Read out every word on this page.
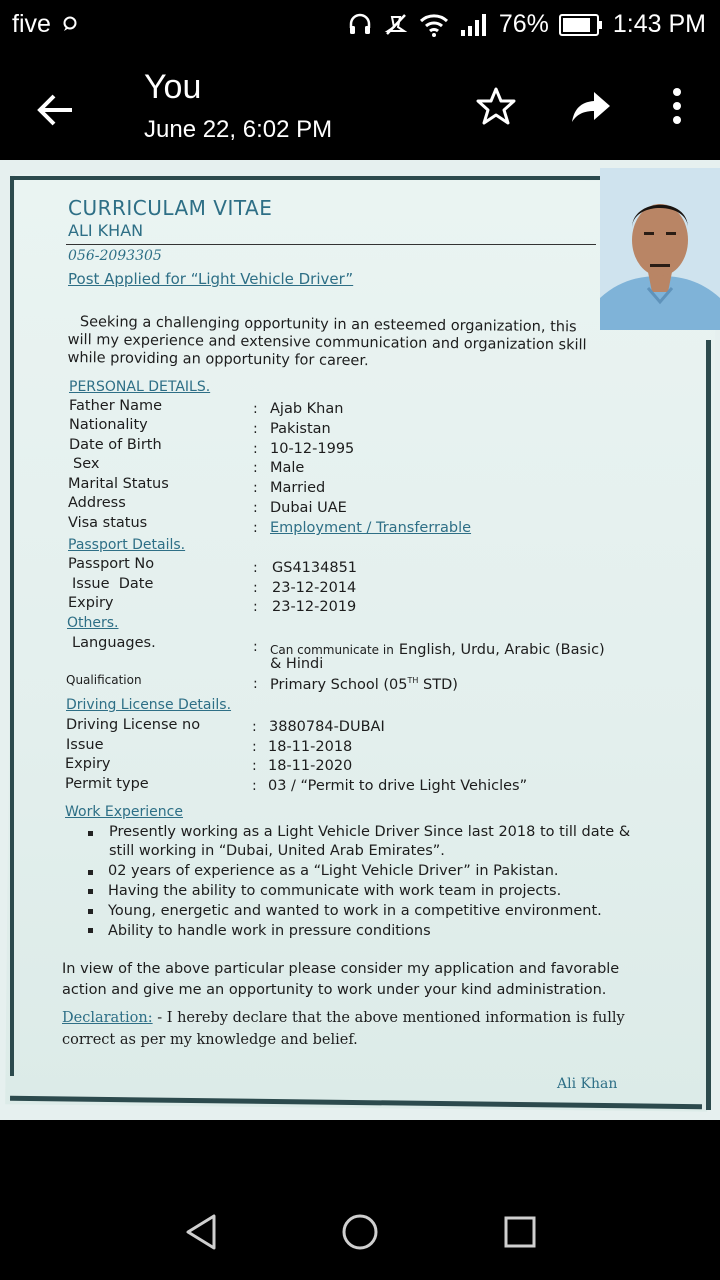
five	76%	1:43 PM
You
June 22, 6:02 PM
CURRICULAM VITAE
ALI KHAN
056-2093305
Post Applied for “Light Vehicle Driver”
Seeking a challenging opportunity in an esteemed organization, this will my experience and extensive communication and organization skill while providing an opportunity for career.
PERSONAL DETAILS.
Father Name	: Ajab Khan
Nationality	: Pakistan
Date of Birth	: 10-12-1995
Sex	: Male
Marital Status	: Married
Address	: Dubai UAE
Visa status	: Employment / Transferrable
Passport Details.
Passport No	: GS4134851
Issue  Date	: 23-12-2014
Expiry	: 23-12-2019
Others.
Languages.	: Can communicate in English, Urdu, Arabic (Basic)
& Hindi
Qualification	: Primary School (05TH STD)
Driving License Details.
Driving License no	: 3880784-DUBAI
Issue	: 18-11-2018
Expiry	: 18-11-2020
Permit type	: 03 / “Permit to drive Light Vehicles”
Work Experience
Presently working as a Light Vehicle Driver Since last 2018 to till date &
still working in “Dubai, United Arab Emirates”.
02 years of experience as a “Light Vehicle Driver” in Pakistan.
Having the ability to communicate with work team in projects.
Young, energetic and wanted to work in a competitive environment.
Ability to handle work in pressure conditions
In view of the above particular please consider my application and favorable
action and give me an opportunity to work under your kind administration.
Declaration: - I hereby declare that the above mentioned information is fully
correct as per my knowledge and belief.
Ali Khan
